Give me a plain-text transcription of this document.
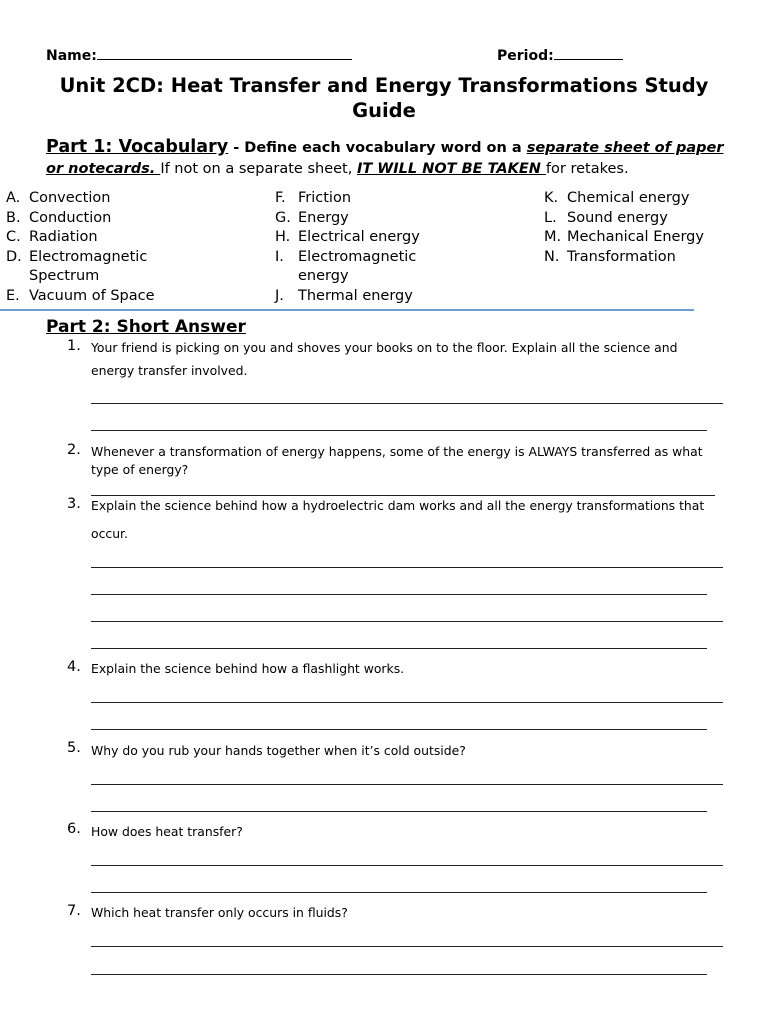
Name:	Period:
Unit 2CD: Heat Transfer and Energy Transformations Study Guide
Part 1: Vocabulary - Define each vocabulary word on a separate sheet of paper or notecards. If not on a separate sheet, IT WILL NOT BE TAKEN for retakes.
A. Convection
B. Conduction
C. Radiation
D. Electromagnetic Spectrum
E. Vacuum of Space
F. Friction
G. Energy
H. Electrical energy
I. Electromagnetic energy
J. Thermal energy
K. Chemical energy
L. Sound energy
M. Mechanical Energy
N. Transformation
Part 2: Short Answer
1. Your friend is picking on you and shoves your books on to the floor. Explain all the science and
energy transfer involved.
2. Whenever a transformation of energy happens, some of the energy is ALWAYS transferred as what
type of energy?
3. Explain the science behind how a hydroelectric dam works and all the energy transformations that
occur.
4. Explain the science behind how a flashlight works.
5. Why do you rub your hands together when it’s cold outside?
6. How does heat transfer?
7. Which heat transfer only occurs in fluids?
